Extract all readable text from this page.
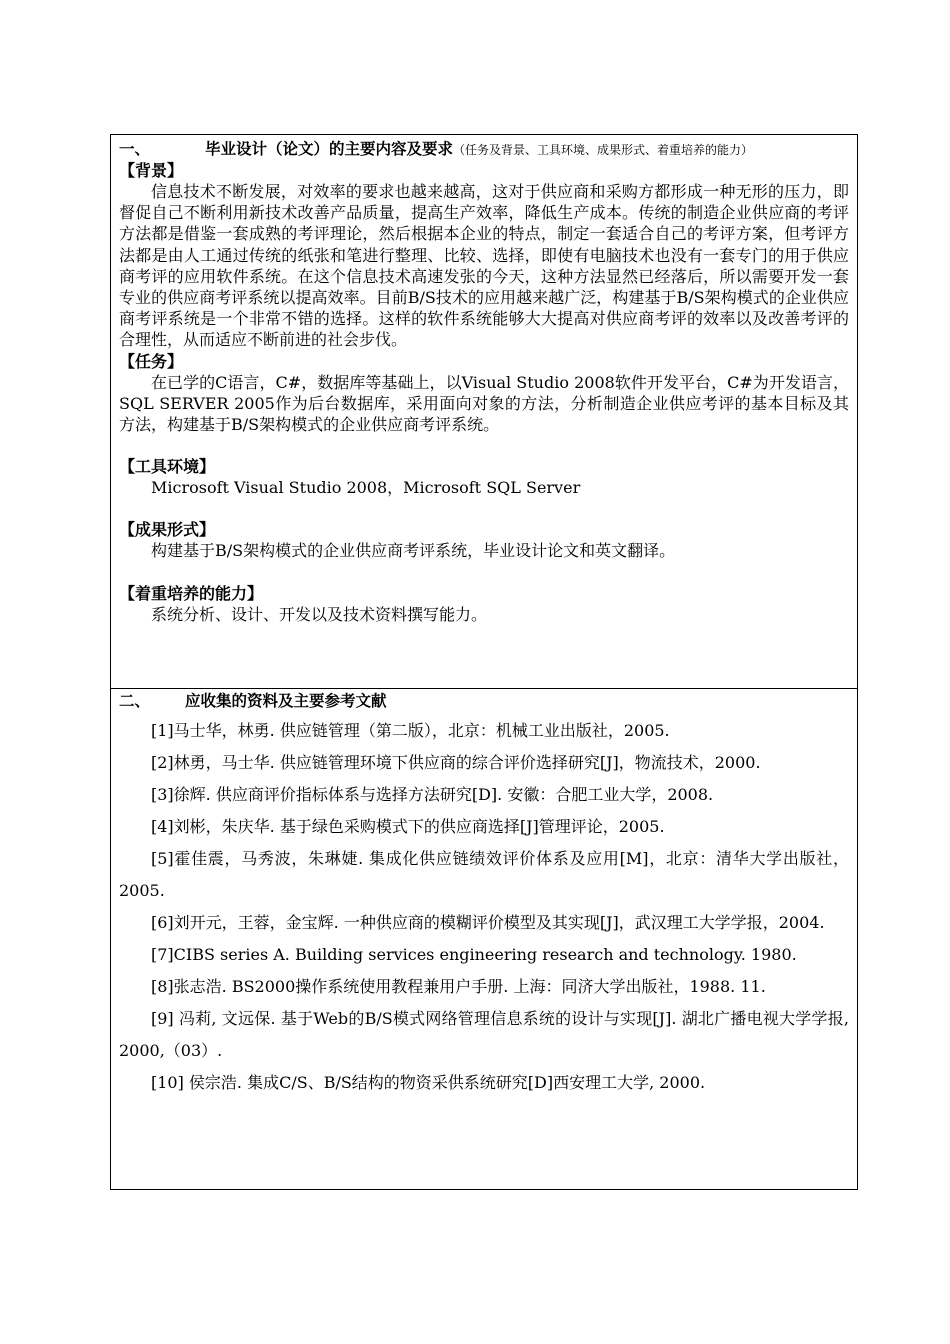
一、	毕业设计（论文）的主要内容及要求（任务及背景、工具环境、成果形式、着重培养的能力）
【背景】

信息技术不断发展，对效率的要求也越来越高，这对于供应商和采购方都形成一种无形的压力，即督促自己不断利用新技术改善产品质量，提高生产效率，降低生产成本。传统的制造企业供应商的考评方法都是借鉴一套成熟的考评理论，然后根据本企业的特点，制定一套适合自己的考评方案，但考评方法都是由人工通过传统的纸张和笔进行整理、比较、选择，即使有电脑技术也没有一套专门的用于供应商考评的应用软件系统。在这个信息技术高速发张的今天，这种方法显然已经落后，所以需要开发一套专业的供应商考评系统以提高效率。目前B/S技术的应用越来越广泛，构建基于B/S架构模式的企业供应商考评系统是一个非常不错的选择。这样的软件系统能够大大提高对供应商考评的效率以及改善考评的合理性，从而适应不断前进的社会步伐。

【任务】

在已学的C语言，C#，数据库等基础上，以Visual Studio 2008软件开发平台，C#为开发语言，SQL SERVER 2005作为后台数据库，采用面向对象的方法，分析制造企业供应考评的基本目标及其方法，构建基于B/S架构模式的企业供应商考评系统。

【工具环境】

Microsoft Visual Studio 2008，Microsoft SQL Server

【成果形式】

构建基于B/S架构模式的企业供应商考评系统，毕业设计论文和英文翻译。

【着重培养的能力】

系统分析、设计、开发以及技术资料撰写能力。

二、 应收集的资料及主要参考文献

[1]马士华，林勇. 供应链管理（第二版），北京：机械工业出版社，2005.

[2]林勇，马士华. 供应链管理环境下供应商的综合评价选择研究[J]，物流技术，2000.

[3]徐辉. 供应商评价指标体系与选择方法研究[D]. 安徽：合肥工业大学，2008.

[4]刘彬，朱庆华. 基于绿色采购模式下的供应商选择[J]管理评论，2005.

[5]霍佳震，马秀波，朱琳婕. 集成化供应链绩效评价体系及应用[M]，北京：清华大学出版社，2005.

[6]刘开元，王蓉，金宝辉. 一种供应商的模糊评价模型及其实现[J]，武汉理工大学学报，2004.

[7]CIBS series A. Building services engineering research and technology. 1980.

[8]张志浩. BS2000操作系统使用教程兼用户手册. 上海：同济大学出版社，1988. 11.

[9] 冯莉, 文远保. 基于Web的B/S模式网络管理信息系统的设计与实现[J]. 湖北广播电视大学学报, 2000,（03）.

[10] 侯宗浩. 集成C/S、B/S结构的物资采供系统研究[D]西安理工大学, 2000.
